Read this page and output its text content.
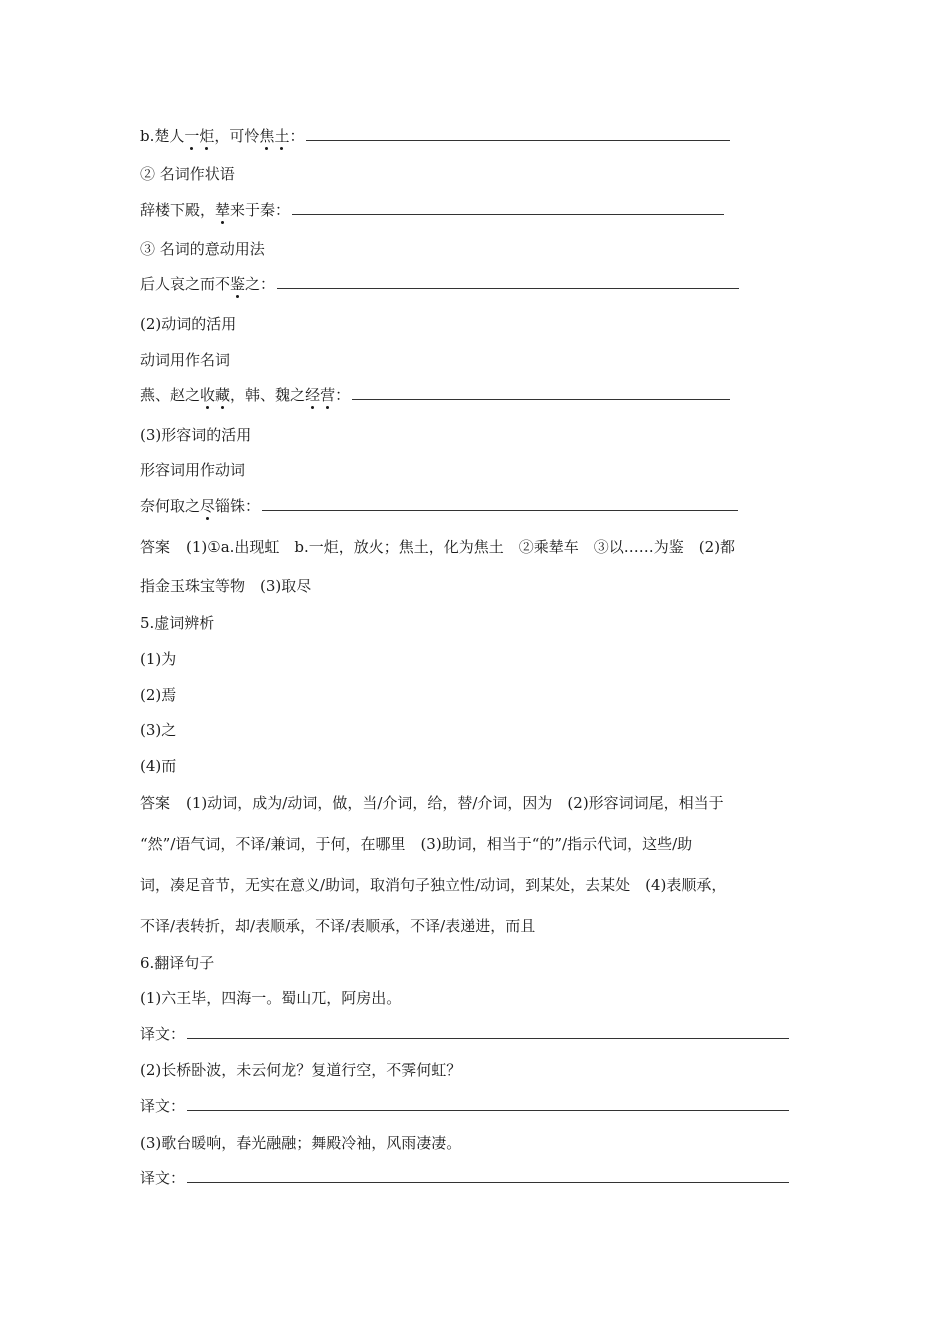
b.楚人一炬，可怜焦土：
② 名词作状语
辞楼下殿，辇来于秦：
③ 名词的意动用法
后人哀之而不鉴之：
(2)动词的活用
动词用作名词
燕、赵之收藏，韩、魏之经营：
(3)形容词的活用
形容词用作动词
奈何取之尽锱铢：
答案 (1)①a.出现虹　b.一炬，放火；焦土，化为焦土　②乘辇车　③以……为鉴　(2)都
指金玉珠宝等物　(3)取尽
5.虚词辨析
(1)为
(2)焉
(3)之
(4)而
答案 (1)动词，成为/动词，做，当/介词，给，替/介词，因为　(2)形容词词尾，相当于
“然”/语气词，不译/兼词，于何，在哪里　(3)助词，相当于“的”/指示代词，这些/助
词，凑足音节，无实在意义/助词，取消句子独立性/动词，到某处，去某处　(4)表顺承，
不译/表转折，却/表顺承，不译/表顺承，不译/表递进，而且
6.翻译句子
(1)六王毕，四海一。蜀山兀，阿房出。
译文：
(2)长桥卧波，未云何龙？复道行空，不霁何虹？
译文：
(3)歌台暖响，春光融融；舞殿冷袖，风雨凄凄。
译文：
